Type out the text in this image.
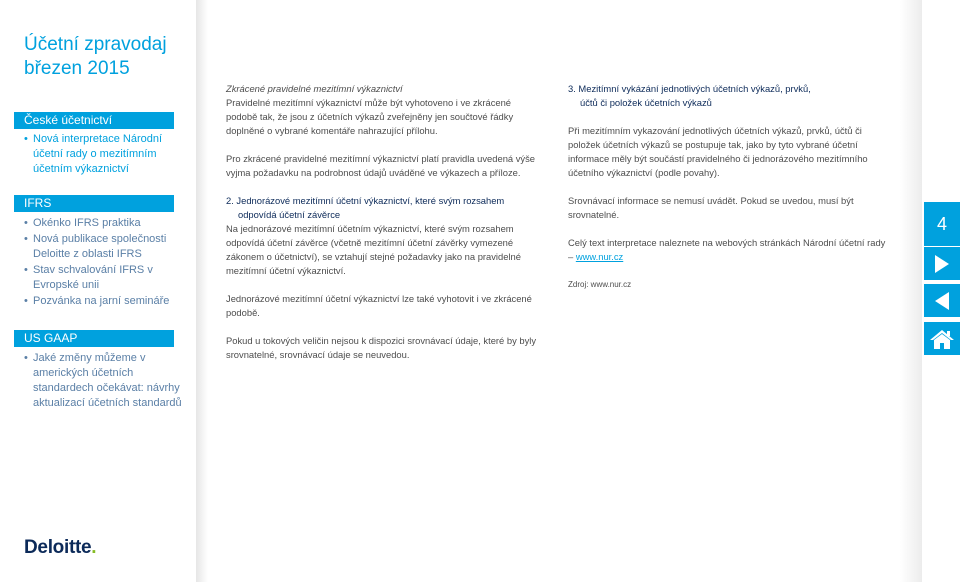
Účetní zpravodaj
březen 2015
České účetnictví
• Nová interpretace Národní účetní rady o mezitímním účetním výkaznictví
IFRS
• Okénko IFRS praktika
• Nová publikace společnosti Deloitte z oblasti IFRS
• Stav schvalování IFRS v Evropské unii
• Pozvánka na jarní semináře
US GAAP
• Jaké změny můžeme v amerických účetních standardech očekávat: návrhy aktualizací účetních standardů
Deloitte.
Zkrácené pravidelné mezitímní výkaznictví

Pravidelné mezitímní výkaznictví může být vyhotoveno i ve zkrácené podobě tak, že jsou z účetních výkazů zveřejněny jen součtové řádky doplněné o vybrané komentáře nahrazující přílohu.

Pro zkrácené pravidelné mezitímní výkaznictví platí pravidla uvedená výše vyjma požadavku na podrobnost údajů uváděné ve výkazech a příloze.

2. Jednorázové mezitímní účetní výkaznictví, které svým rozsahem
odpovídá účetní závěrce

Na jednorázové mezitímní účetním výkaznictví, které svým rozsahem odpovídá účetní závěrce (včetně mezitímní účetní závěrky vymezené zákonem o účetnictví), se vztahují stejné požadavky jako na pravidelné mezitímní účetní výkaznictví.

Jednorázové mezitímní účetní výkaznictví lze také vyhotovit i ve zkrácené podobě.

Pokud u tokových veličin nejsou k dispozici srovnávací údaje, které by byly srovnatelné, srovnávací údaje se neuvedou.

3. Mezitímní vykázání jednotlivých účetních výkazů, prvků,
účtů či položek účetních výkazů

Při mezitímním vykazování jednotlivých účetních výkazů, prvků, účtů či položek účetních výkazů se postupuje tak, jako by tyto vybrané účetní informace měly být součástí pravidelného či jednorázového mezitímního účetního výkaznictví (podle povahy).

Srovnávací informace se nemusí uvádět. Pokud se uvedou, musí být srovnatelné.

Celý text interpretace naleznete na webových stránkách Národní účetní rady – www.nur.cz

Zdroj: www.nur.cz

4
